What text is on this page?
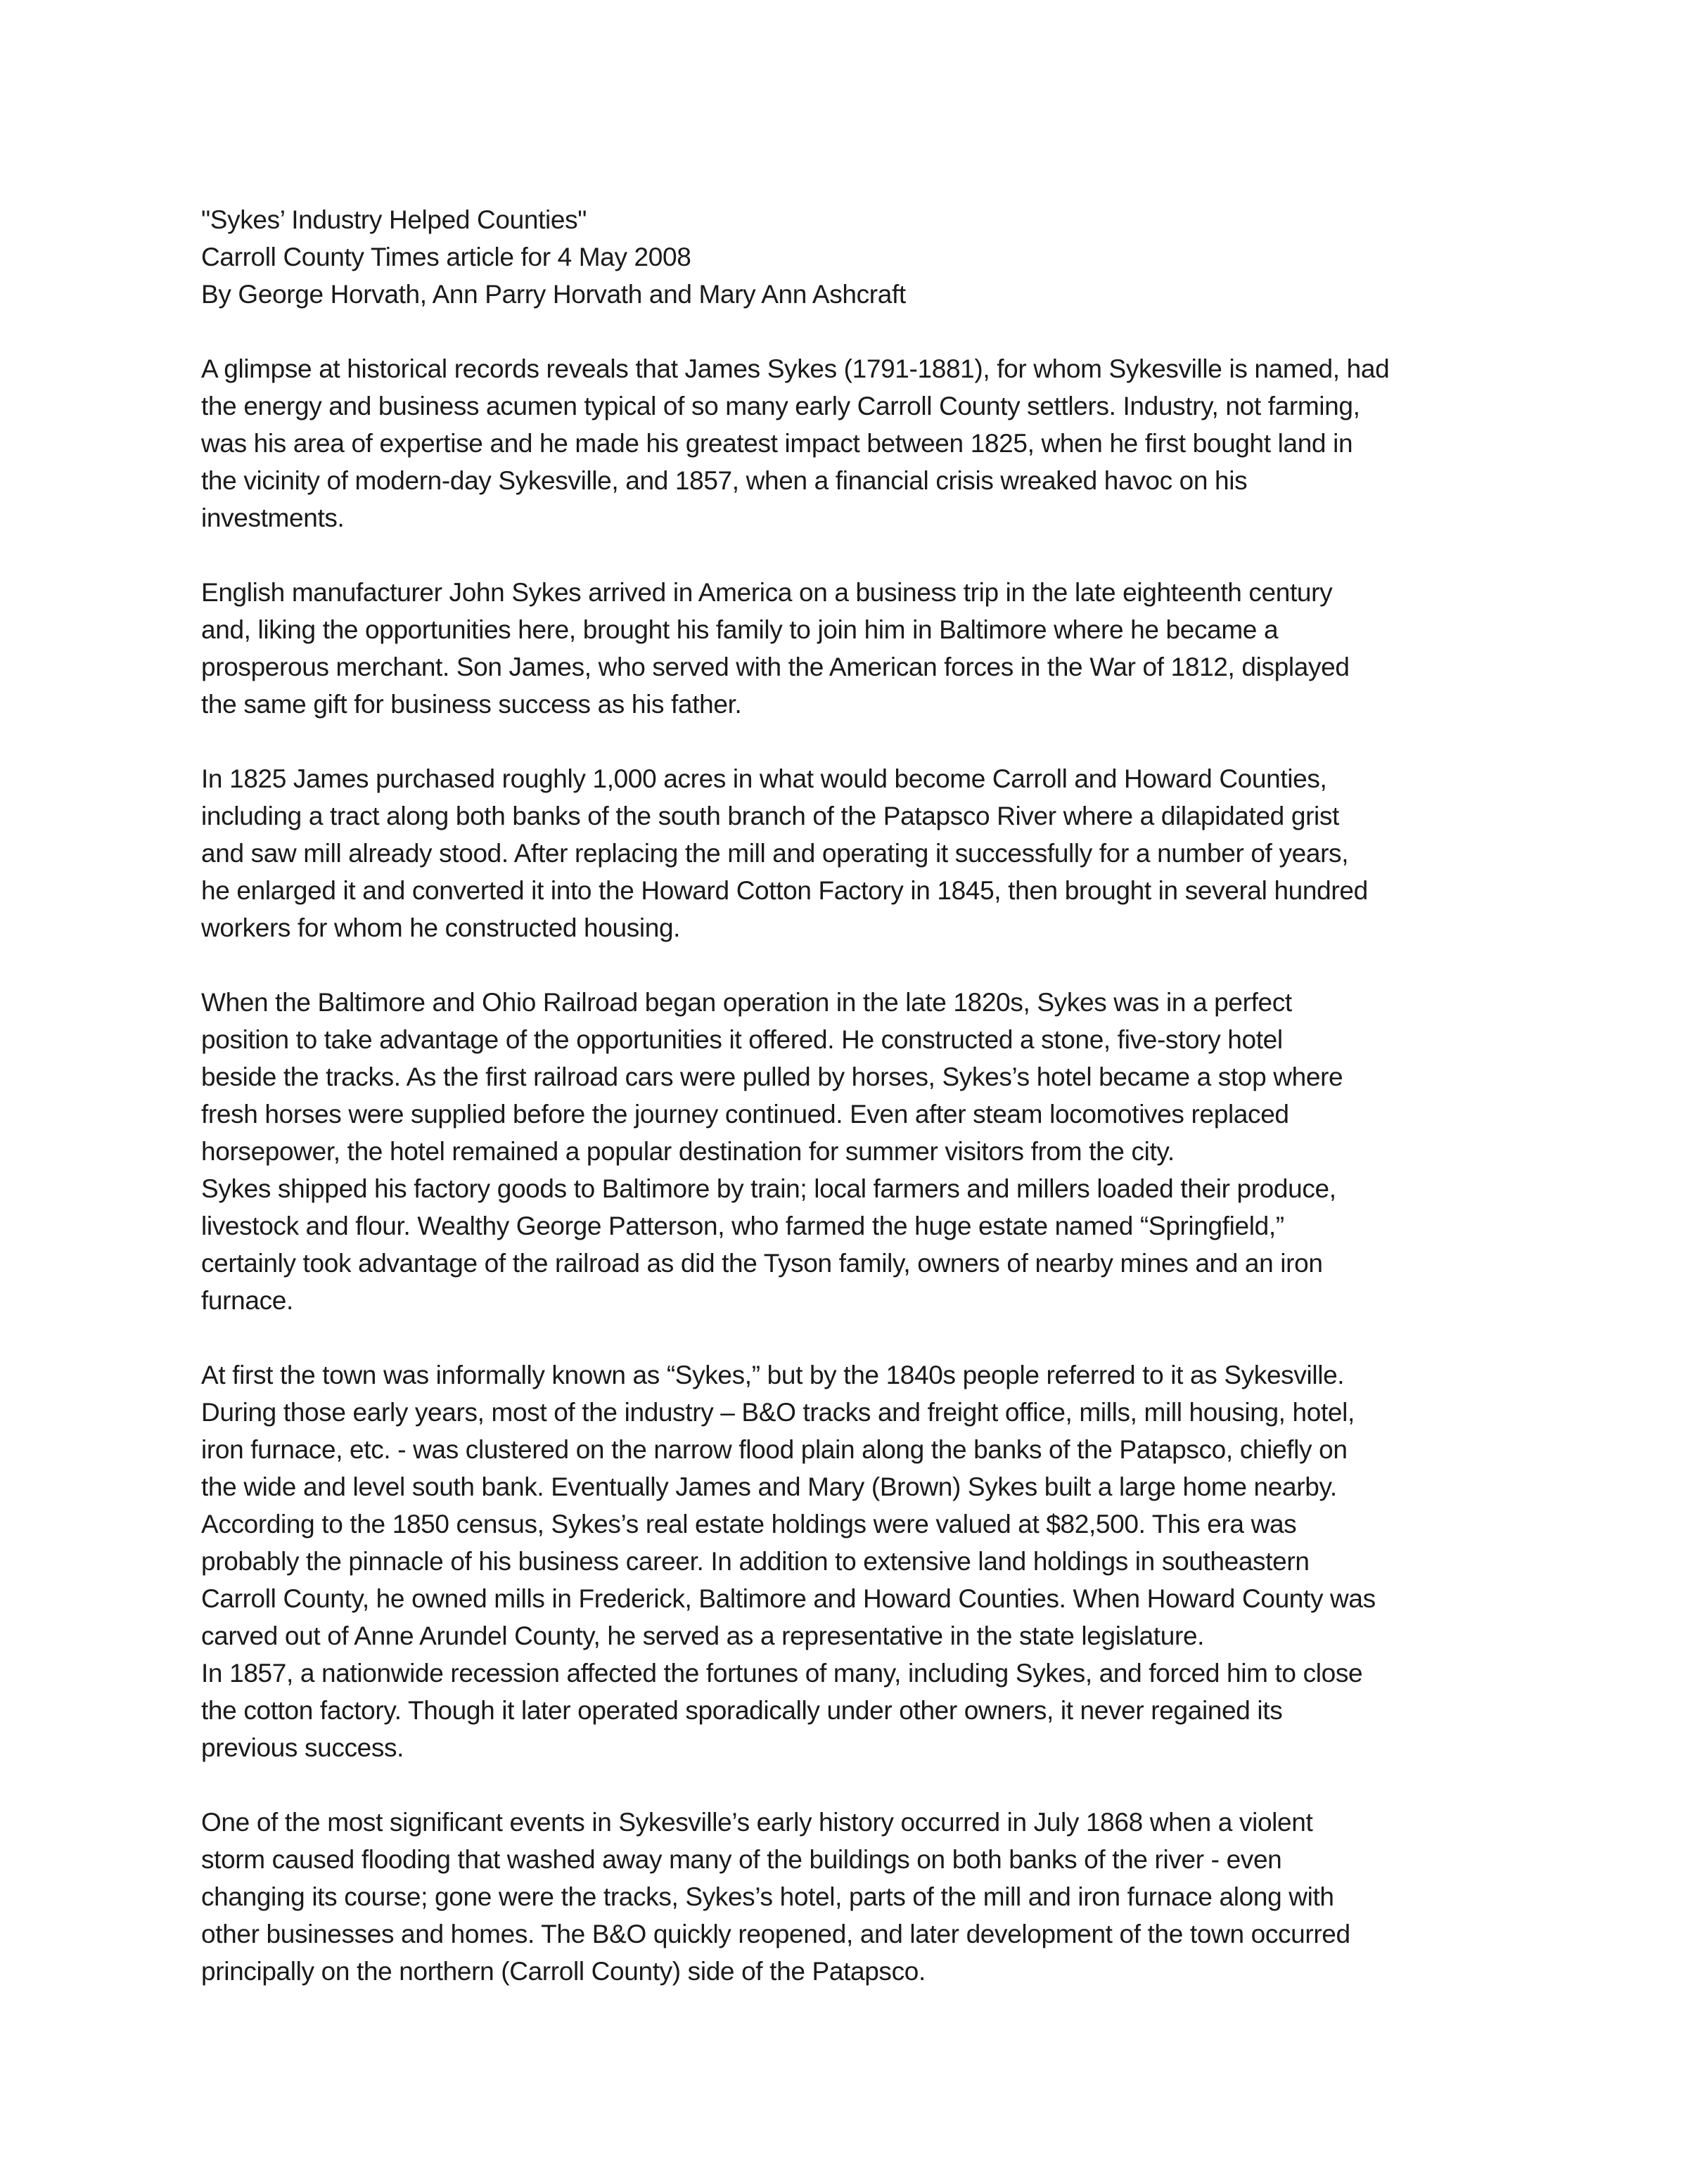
"Sykes’ Industry Helped Counties"
Carroll County Times article for 4 May 2008
By George Horvath, Ann Parry Horvath and Mary Ann Ashcraft
A glimpse at historical records reveals that James Sykes (1791-1881), for whom Sykesville is named, had
the energy and business acumen typical of so many early Carroll County settlers. Industry, not farming,
was his area of expertise and he made his greatest impact between 1825, when he first bought land in
the vicinity of modern-day Sykesville, and 1857, when a financial crisis wreaked havoc on his
investments.
English manufacturer John Sykes arrived in America on a business trip in the late eighteenth century
and, liking the opportunities here, brought his family to join him in Baltimore where he became a
prosperous merchant. Son James, who served with the American forces in the War of 1812, displayed
the same gift for business success as his father.
In 1825 James purchased roughly 1,000 acres in what would become Carroll and Howard Counties,
including a tract along both banks of the south branch of the Patapsco River where a dilapidated grist
and saw mill already stood. After replacing the mill and operating it successfully for a number of years,
he enlarged it and converted it into the Howard Cotton Factory in 1845, then brought in several hundred
workers for whom he constructed housing.
When the Baltimore and Ohio Railroad began operation in the late 1820s, Sykes was in a perfect
position to take advantage of the opportunities it offered. He constructed a stone, five-story hotel
beside the tracks. As the first railroad cars were pulled by horses, Sykes’s hotel became a stop where
fresh horses were supplied before the journey continued. Even after steam locomotives replaced
horsepower, the hotel remained a popular destination for summer visitors from the city.
Sykes shipped his factory goods to Baltimore by train; local farmers and millers loaded their produce,
livestock and flour. Wealthy George Patterson, who farmed the huge estate named “Springfield,”
certainly took advantage of the railroad as did the Tyson family, owners of nearby mines and an iron
furnace.
At first the town was informally known as “Sykes,” but by the 1840s people referred to it as Sykesville.
During those early years, most of the industry – B&O tracks and freight office, mills, mill housing, hotel,
iron furnace, etc. - was clustered on the narrow flood plain along the banks of the Patapsco, chiefly on
the wide and level south bank. Eventually James and Mary (Brown) Sykes built a large home nearby.
According to the 1850 census, Sykes’s real estate holdings were valued at $82,500. This era was
probably the pinnacle of his business career. In addition to extensive land holdings in southeastern
Carroll County, he owned mills in Frederick, Baltimore and Howard Counties. When Howard County was
carved out of Anne Arundel County, he served as a representative in the state legislature.
In 1857, a nationwide recession affected the fortunes of many, including Sykes, and forced him to close
the cotton factory. Though it later operated sporadically under other owners, it never regained its
previous success.
One of the most significant events in Sykesville’s early history occurred in July 1868 when a violent
storm caused flooding that washed away many of the buildings on both banks of the river - even
changing its course; gone were the tracks, Sykes’s hotel, parts of the mill and iron furnace along with
other businesses and homes. The B&O quickly reopened, and later development of the town occurred
principally on the northern (Carroll County) side of the Patapsco.
